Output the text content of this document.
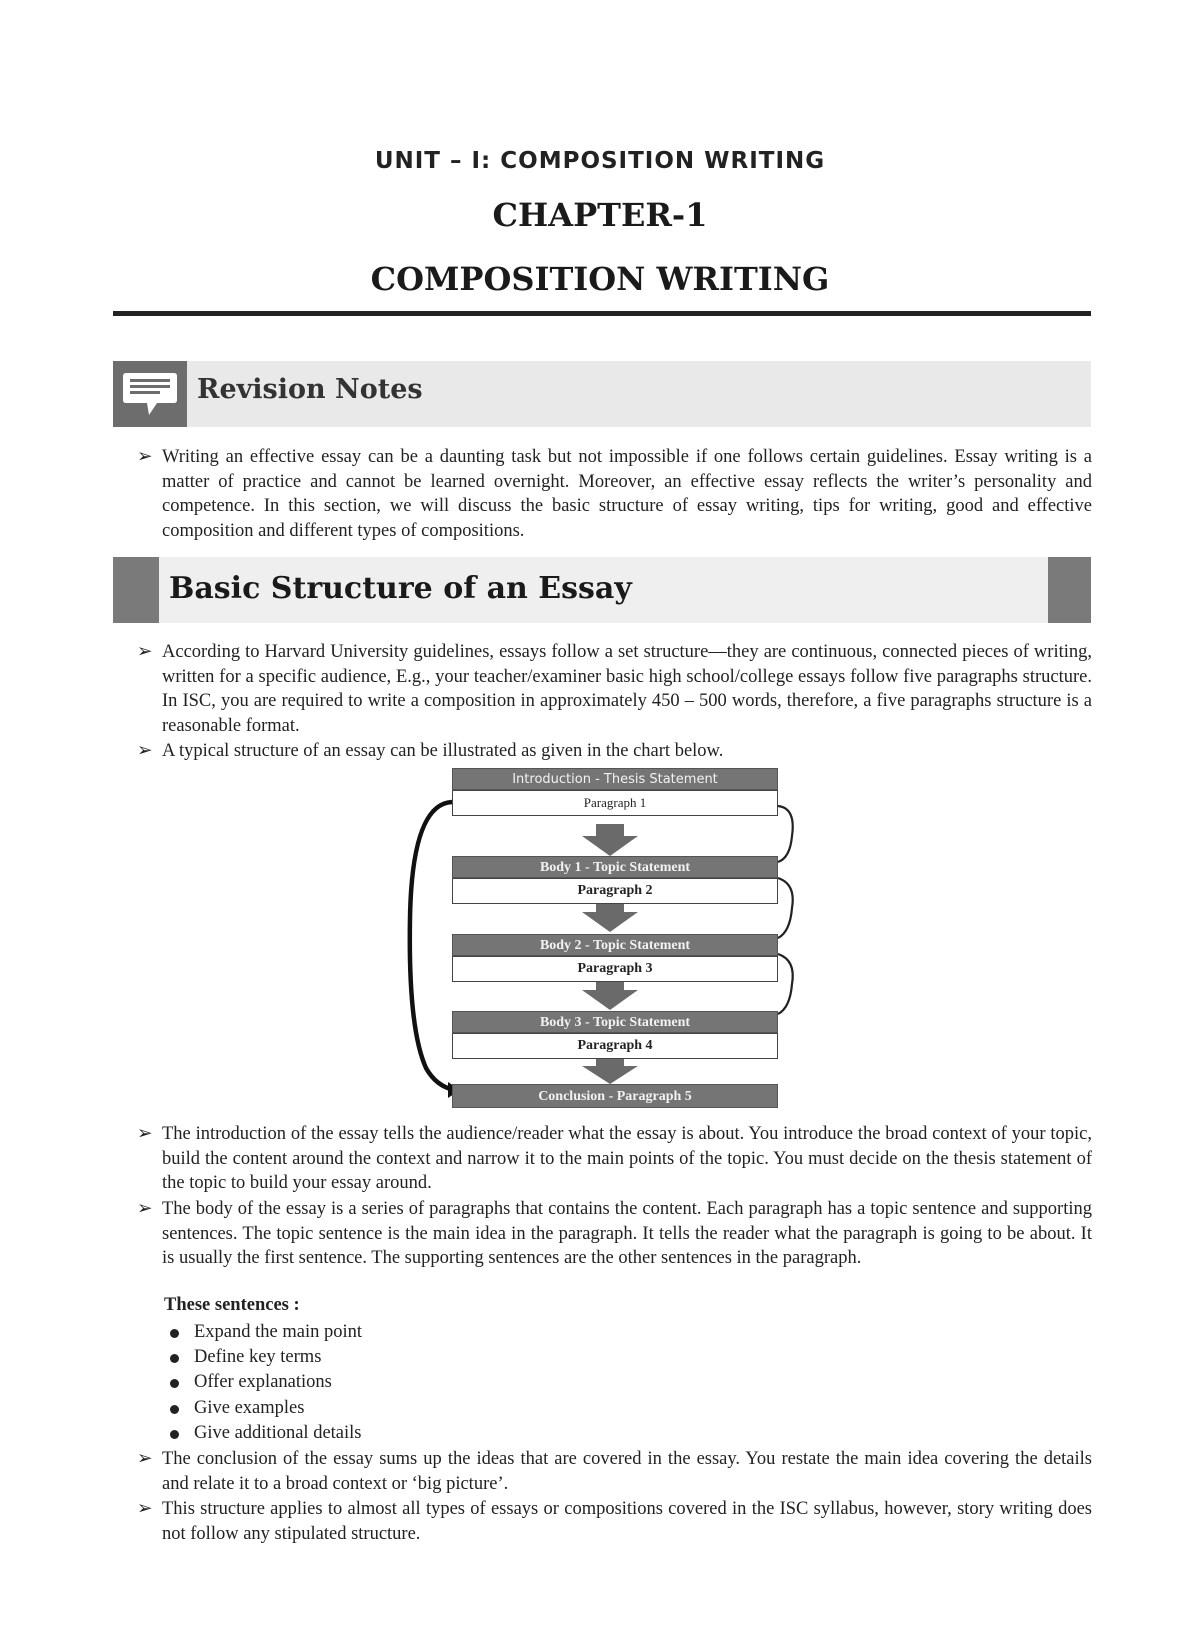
UNIT – I: COMPOSITION WRITING
CHAPTER-1
COMPOSITION WRITING
Revision Notes
➢ Writing an effective essay can be a daunting task but not impossible if one follows certain guidelines. Essay writing is a matter of practice and cannot be learned overnight. Moreover, an effective essay reflects the writer’s personality and competence. In this section, we will discuss the basic structure of essay writing, tips for writing, good and effective composition and different types of compositions.
Basic Structure of an Essay
➢ According to Harvard University guidelines, essays follow a set structure—they are continuous, connected pieces of writing, written for a specific audience, E.g., your teacher/examiner basic high school/college essays follow five paragraphs structure. In ISC, you are required to write a composition in approximately 450 – 500 words, therefore, a five paragraphs structure is a reasonable format.
➢ A typical structure of an essay can be illustrated as given in the chart below.
Introduction - Thesis Statement
Paragraph 1
Body 1 - Topic Statement
Paragraph 2
Body 2 - Topic Statement
Paragraph 3
Body 3 - Topic Statement
Paragraph 4
Conclusion - Paragraph 5
➢ The introduction of the essay tells the audience/reader what the essay is about. You introduce the broad context of your topic, build the content around the context and narrow it to the main points of the topic. You must decide on the thesis statement of the topic to build your essay around.
➢ The body of the essay is a series of paragraphs that contains the content. Each paragraph has a topic sentence and supporting sentences. The topic sentence is the main idea in the paragraph. It tells the reader what the paragraph is going to be about. It is usually the first sentence. The supporting sentences are the other sentences in the paragraph.
These sentences :
Expand the main point
Define key terms
Offer explanations
Give examples
Give additional details
➢ The conclusion of the essay sums up the ideas that are covered in the essay. You restate the main idea covering the details and relate it to a broad context or ‘big picture’.
➢ This structure applies to almost all types of essays or compositions covered in the ISC syllabus, however, story writing does not follow any stipulated structure.
